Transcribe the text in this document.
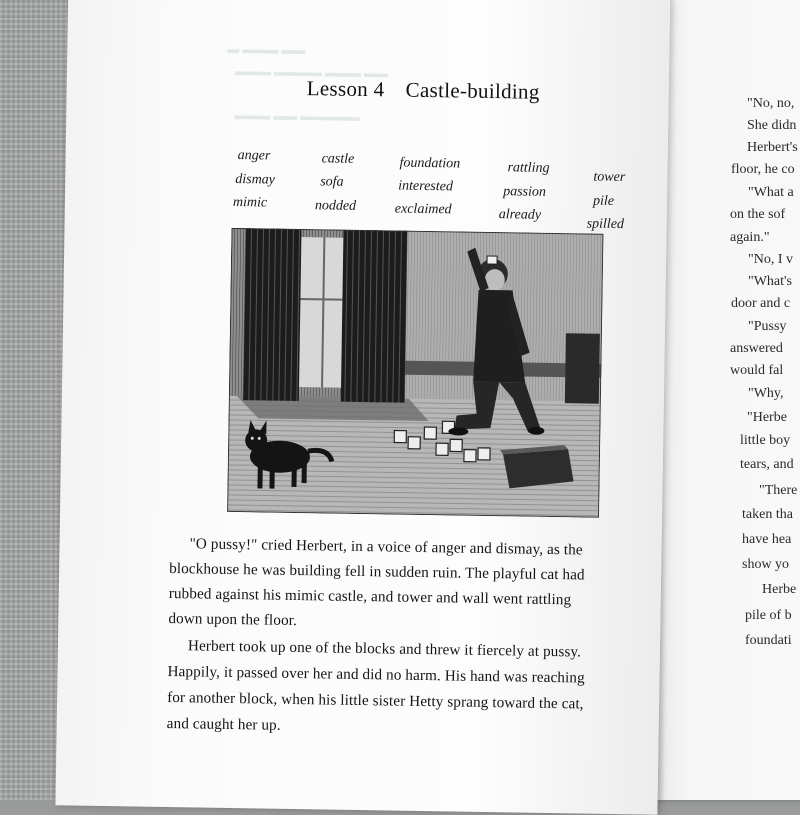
"No, no,
She didn
Herbert's
floor, he co
"What a
on the sof
again."
"No, I v
"What's
door and c
"Pussy
answered
would fal
"Why,
"Herbe
little boy
tears, and
"There
taken tha
have hea
show yo
Herbe
pile of b
foundati
▬ ▬▬▬ ▬▬
▬▬▬ ▬▬▬▬ ▬▬▬ ▬▬
▬▬▬ ▬▬ ▬▬▬▬▬
Lesson 4 Castle-building
anger
dismay
mimic
castle
sofa
nodded
foundation
interested
exclaimed
rattling
passion
already
tower
pile
spilled
"O pussy!" cried Herbert, in a voice of anger and dismay, as the
blockhouse he was building fell in sudden ruin. The playful cat had
rubbed against his mimic castle, and tower and wall went rattling
down upon the floor.
Herbert took up one of the blocks and threw it fiercely at pussy.
Happily, it passed over her and did no harm. His hand was reaching
for another block, when his little sister Hetty sprang toward the cat,
and caught her up.
